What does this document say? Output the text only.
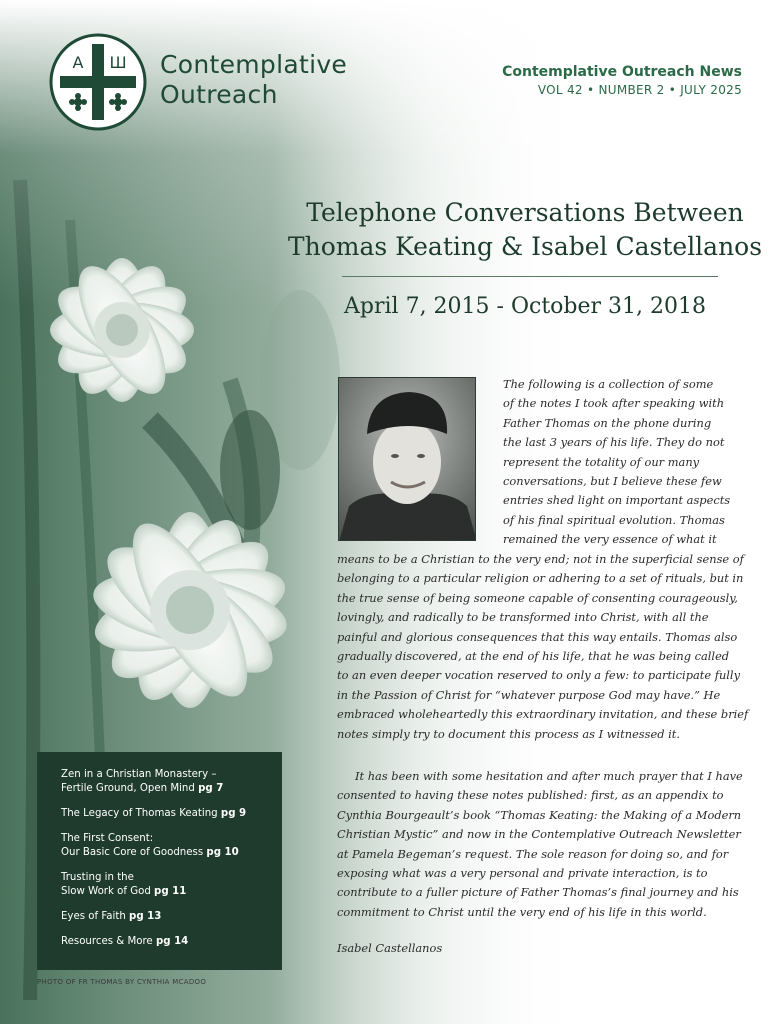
A Ш Contemplative
Outreach
Contemplative Outreach News
VOL 42 • NUMBER 2 • JULY 2025
Telephone Conversations Between
Thomas Keating & Isabel Castellanos
April 7, 2015 - October 31, 2018

The following is a collection of some

of the notes I took after speaking with

Father Thomas on the phone during

the last 3 years of his life. They do not

represent the totality of our many

conversations, but I believe these few

entries shed light on important aspects

of his final spiritual evolution. Thomas

remained the very essence of what it

means to be a Christian to the very end; not in the superficial sense of

belonging to a particular religion or adhering to a set of rituals, but in

the true sense of being someone capable of consenting courageously,

lovingly, and radically to be transformed into Christ, with all the

painful and glorious consequences that this way entails. Thomas also

gradually discovered, at the end of his life, that he was being called

to an even deeper vocation reserved to only a few: to participate fully

in the Passion of Christ for “whatever purpose God may have.” He

embraced wholeheartedly this extraordinary invitation, and these brief

notes simply try to document this process as I witnessed it.

It has been with some hesitation and after much prayer that I have

consented to having these notes published: first, as an appendix to

Cynthia Bourgeault’s book “Thomas Keating: the Making of a Modern

Christian Mystic” and now in the Contemplative Outreach Newsletter

at Pamela Begeman’s request. The sole reason for doing so, and for

exposing what was a very personal and private interaction, is to

contribute to a fuller picture of Father Thomas’s final journey and his

commitment to Christ until the very end of his life in this world.

Isabel Castellanos
Zen in a Christian Monastery –
Fertile Ground, Open Mind pg 7
The Legacy of Thomas Keating pg 9
The First Consent:
Our Basic Core of Goodness pg 10
Trusting in the
Slow Work of God pg 11
Eyes of Faith pg 13
Resources & More pg 14
PHOTO OF FR THOMAS BY CYNTHIA MCADOO
